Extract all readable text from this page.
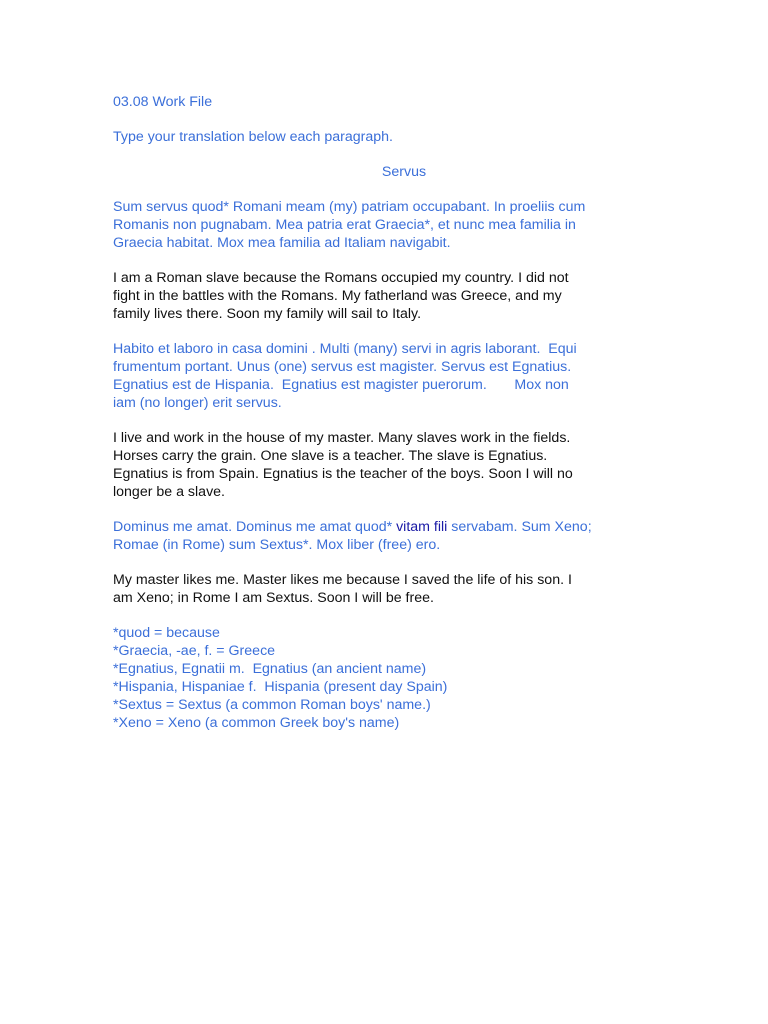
03.08 Work File

Type your translation below each paragraph.

Servus

Sum servus quod* Romani meam (my) patriam occupabant. In proeliis cum

Romanis non pugnabam. Mea patria erat Graecia*, et nunc mea familia in

Graecia habitat. Mox mea familia ad Italiam navigabit.

I am a Roman slave because the Romans occupied my country. I did not

fight in the battles with the Romans. My fatherland was Greece, and my

family lives there. Soon my family will sail to Italy.

Habito et laboro in casa domini . Multi (many) servi in agris laborant.  Equi

frumentum portant. Unus (one) servus est magister. Servus est Egnatius.

Egnatius est de Hispania.  Egnatius est magister puerorum.       Mox non

iam (no longer) erit servus.

I live and work in the house of my master. Many slaves work in the fields.

Horses carry the grain. One slave is a teacher. The slave is Egnatius.

Egnatius is from Spain. Egnatius is the teacher of the boys. Soon I will no

longer be a slave.

Dominus me amat. Dominus me amat quod* vitam fili servabam. Sum Xeno;

Romae (in Rome) sum Sextus*. Mox liber (free) ero.

My master likes me. Master likes me because I saved the life of his son. I

am Xeno; in Rome I am Sextus. Soon I will be free.

*quod = because

*Graecia, -ae, f. = Greece

*Egnatius, Egnatii m.  Egnatius (an ancient name)

*Hispania, Hispaniae f.  Hispania (present day Spain)

*Sextus = Sextus (a common Roman boys' name.)

*Xeno = Xeno (a common Greek boy's name)
